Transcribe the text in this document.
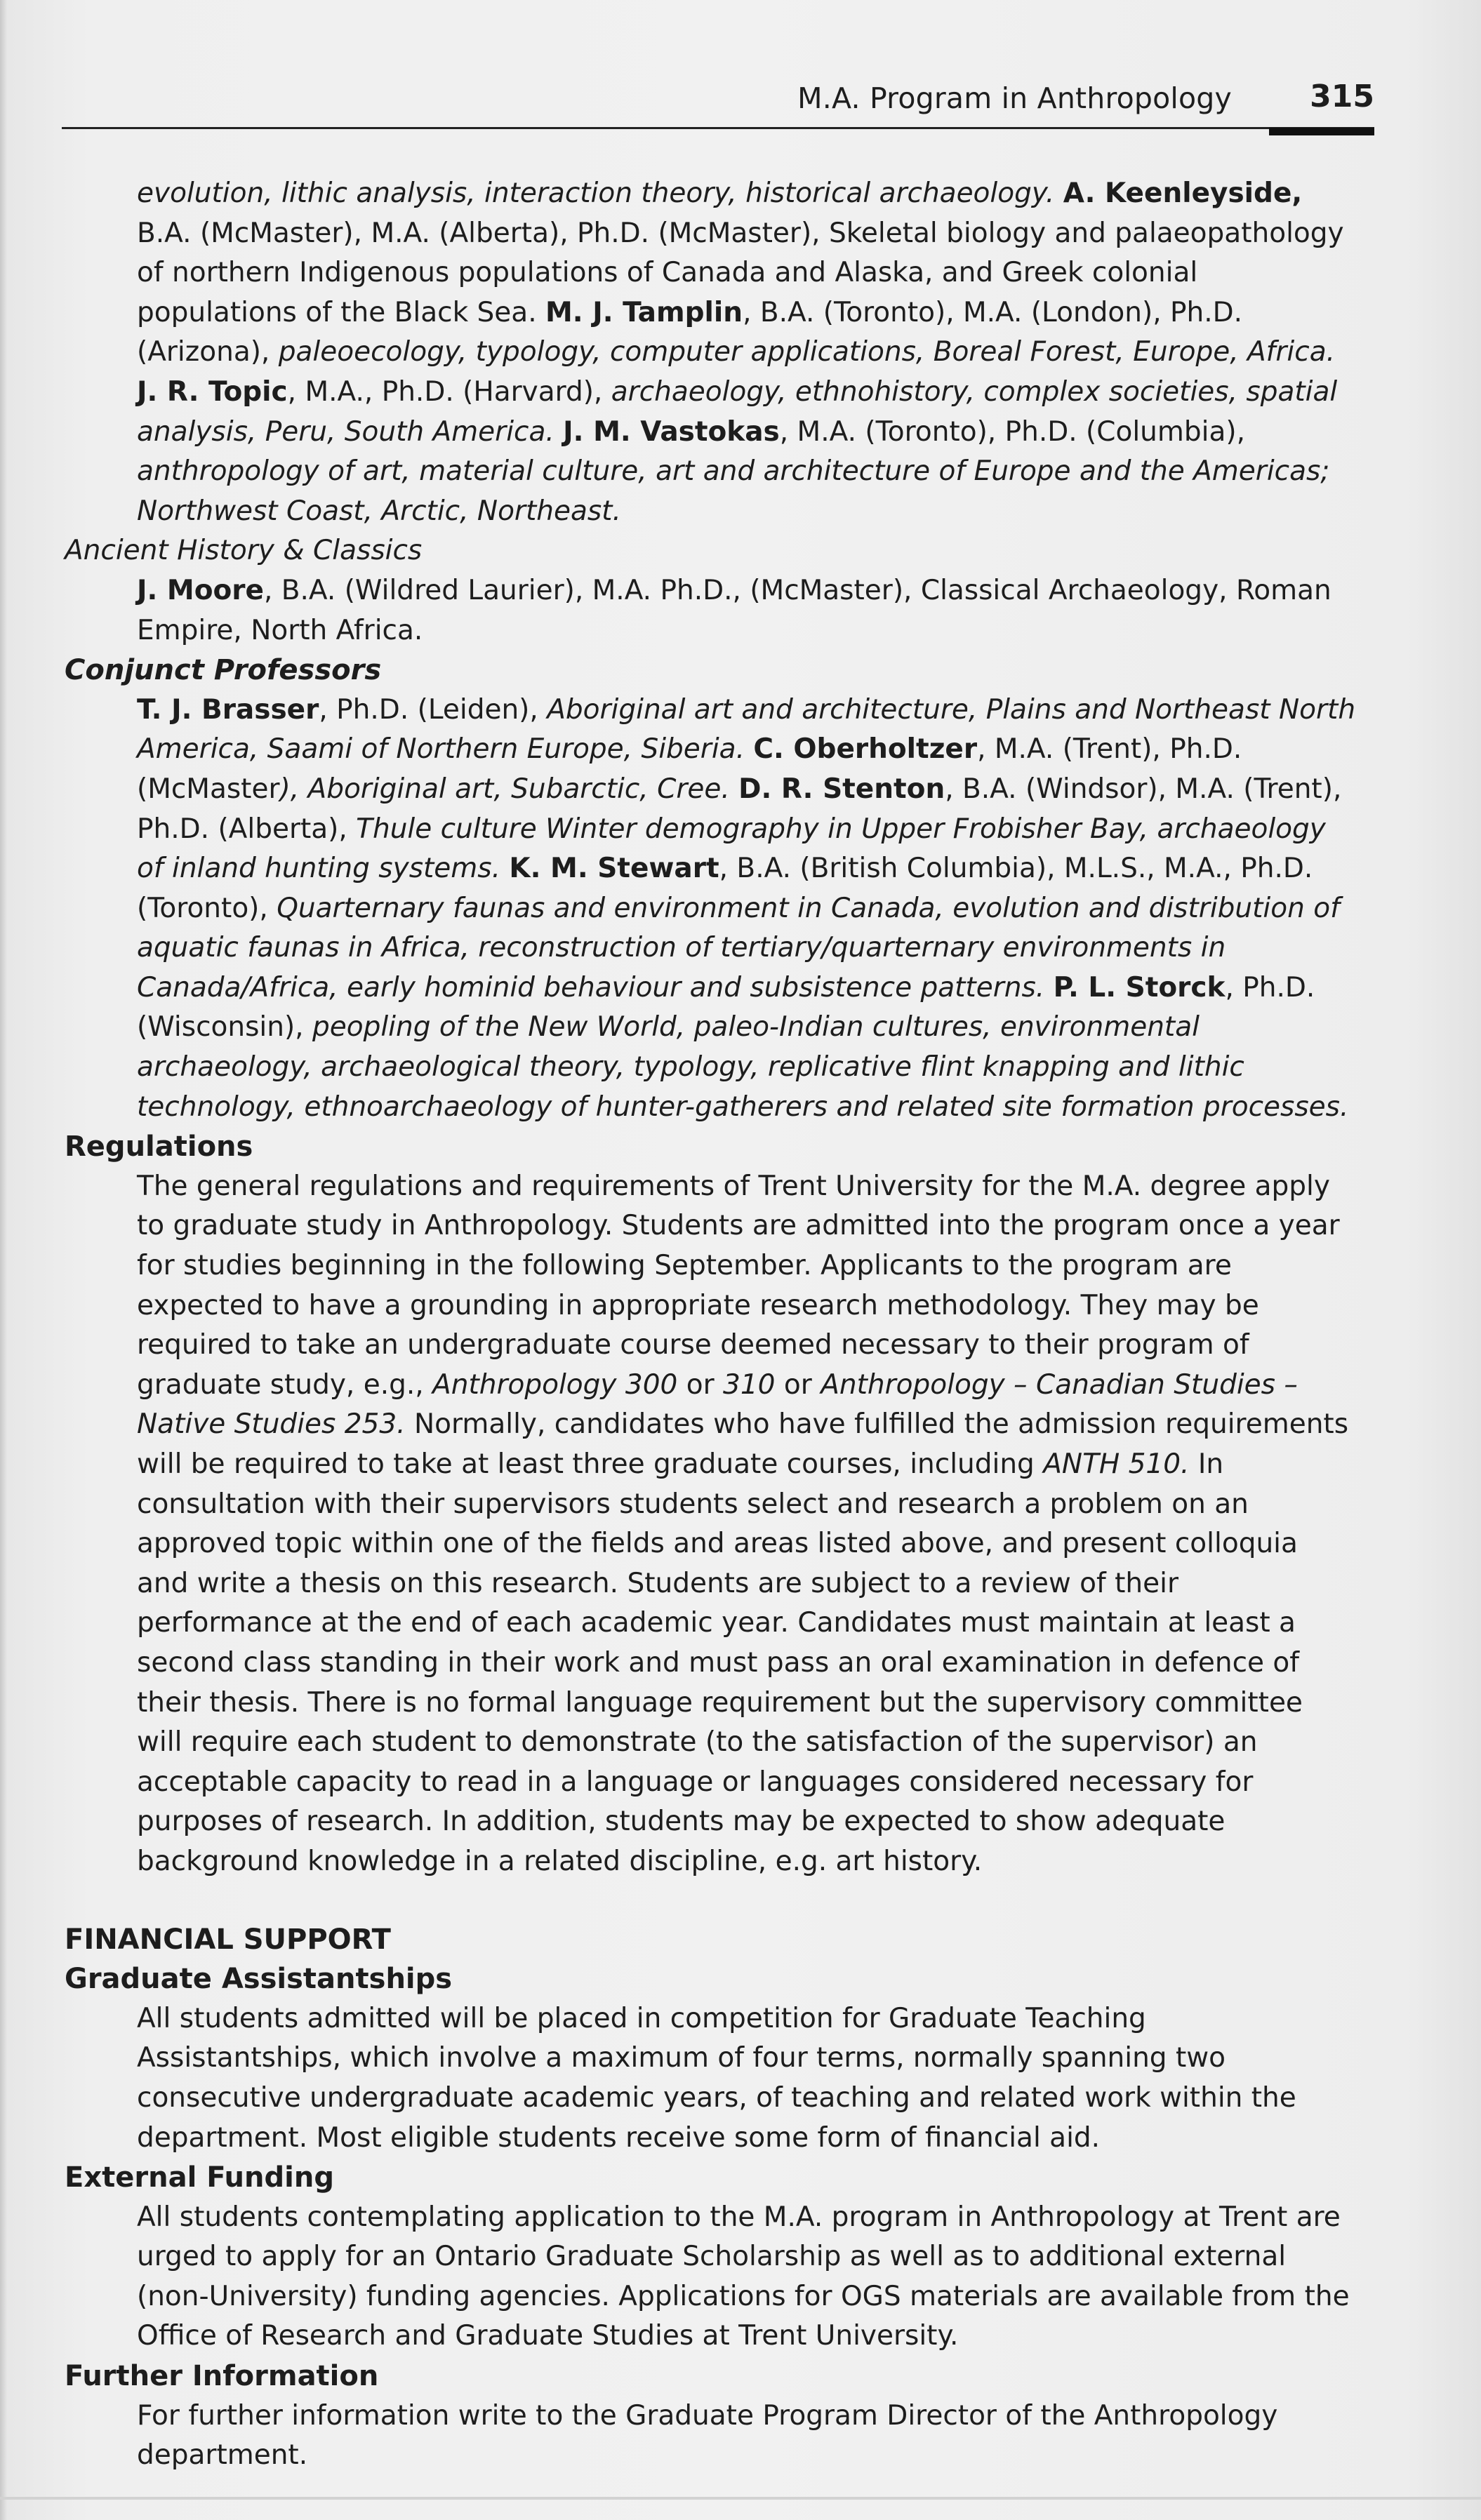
M.A. Program in Anthropology	315

evolution, lithic analysis, interaction theory, historical archaeology. A. Keenleyside, B.A. (McMaster), M.A. (Alberta), Ph.D. (McMaster), Skeletal biology and palaeopathology of northern Indigenous populations of Canada and Alaska, and Greek colonial populations of the Black Sea. M. J. Tamplin, B.A. (Toronto), M.A. (London), Ph.D. (Arizona), paleoecology, typology, computer applications, Boreal Forest, Europe, Africa. J. R. Topic, M.A., Ph.D. (Harvard), archaeology, ethnohistory, complex societies, spatial analysis, Peru, South America. J. M. Vastokas, M.A. (Toronto), Ph.D. (Columbia), anthropology of art, material culture, art and architecture of Europe and the Americas; Northwest Coast, Arctic, Northeast.

Ancient History & Classics

J. Moore, B.A. (Wildred Laurier), M.A. Ph.D., (McMaster), Classical Archaeology, Roman Empire, North Africa.

Conjunct Professors

T. J. Brasser, Ph.D. (Leiden), Aboriginal art and architecture, Plains and Northeast North America, Saami of Northern Europe, Siberia. C. Oberholtzer, M.A. (Trent), Ph.D. (McMaster), Aboriginal art, Subarctic, Cree. D. R. Stenton, B.A. (Windsor), M.A. (Trent), Ph.D. (Alberta), Thule culture Winter demography in Upper Frobisher Bay, archaeology of inland hunting systems. K. M. Stewart, B.A. (British Columbia), M.L.S., M.A., Ph.D. (Toronto), Quarternary faunas and environment in Canada, evolution and distribution of aquatic faunas in Africa, reconstruction of tertiary/quarternary environments in Canada/Africa, early hominid behaviour and subsistence patterns. P. L. Storck, Ph.D. (Wisconsin), peopling of the New World, paleo-Indian cultures, environmental archaeology, archaeological theory, typology, replicative flint knapping and lithic technology, ethnoarchaeology of hunter-gatherers and related site formation processes.

Regulations

The general regulations and requirements of Trent University for the M.A. degree apply to graduate study in Anthropology. Students are admitted into the program once a year for studies beginning in the following September. Applicants to the program are expected to have a grounding in appropriate research methodology. They may be required to take an undergraduate course deemed necessary to their program of graduate study, e.g., Anthropology 300 or 310 or Anthropology – Canadian Studies – Native Studies 253. Normally, candidates who have fulfilled the admission requirements will be required to take at least three graduate courses, including ANTH 510. In consultation with their supervisors students select and research a problem on an approved topic within one of the fields and areas listed above, and present colloquia and write a thesis on this research. Students are subject to a review of their performance at the end of each academic year. Candidates must maintain at least a second class standing in their work and must pass an oral examination in defence of their thesis. There is no formal language requirement but the supervisory committee will require each student to demonstrate (to the satisfaction of the supervisor) an acceptable capacity to read in a language or languages considered necessary for purposes of research. In addition, students may be expected to show adequate background knowledge in a related discipline, e.g. art history.

FINANCIAL SUPPORT
Graduate Assistantships

All students admitted will be placed in competition for Graduate Teaching Assistantships, which involve a maximum of four terms, normally spanning two consecutive undergraduate academic years, of teaching and related work within the department. Most eligible students receive some form of financial aid.

External Funding

All students contemplating application to the M.A. program in Anthropology at Trent are urged to apply for an Ontario Graduate Scholarship as well as to additional external (non-University) funding agencies. Applications for OGS materials are available from the Office of Research and Graduate Studies at Trent University.

Further Information

For further information write to the Graduate Program Director of the Anthropology department.
